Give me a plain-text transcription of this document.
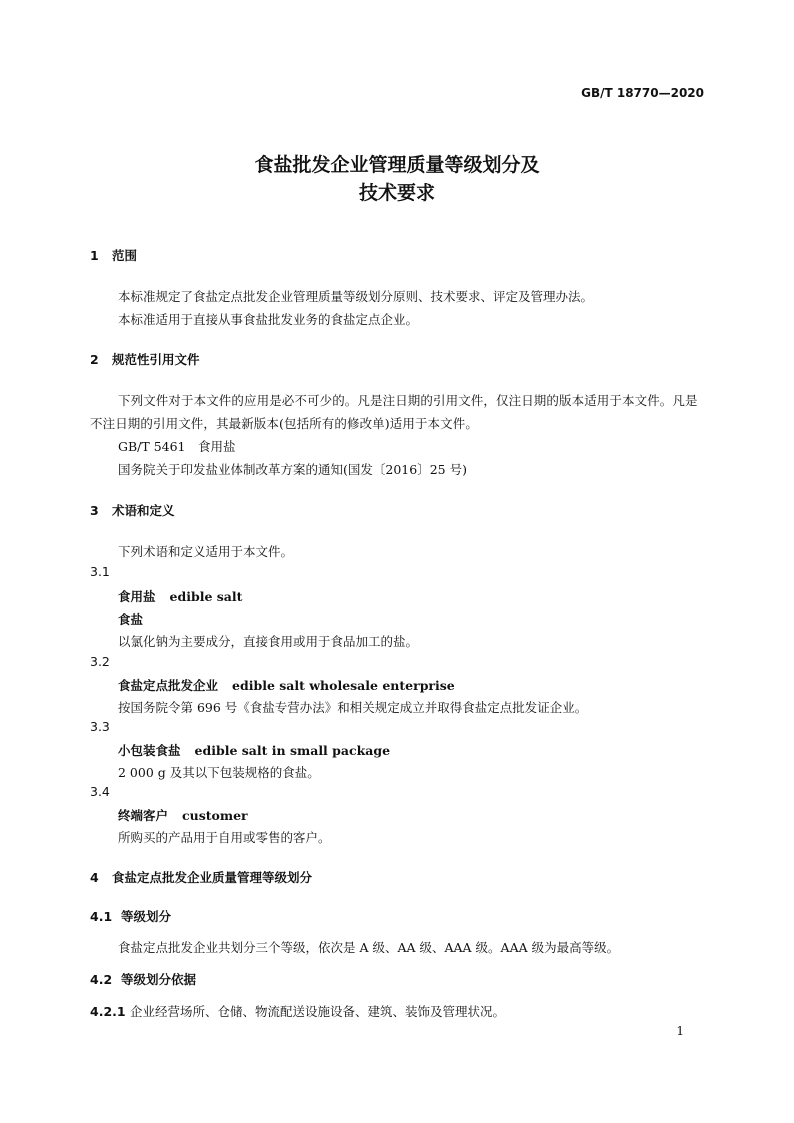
GB/T 18770—2020
食盐批发企业管理质量等级划分及
技术要求
1 范围
本标准规定了食盐定点批发企业管理质量等级划分原则、技术要求、评定及管理办法。
本标准适用于直接从事食盐批发业务的食盐定点企业。
2 规范性引用文件
下列文件对于本文件的应用是必不可少的。凡是注日期的引用文件，仅注日期的版本适用于本文件。凡是不注日期的引用文件，其最新版本(包括所有的修改单)适用于本文件。
GB/T 5461　食用盐
国务院关于印发盐业体制改革方案的通知(国发〔2016〕25 号)
3 术语和定义
下列术语和定义适用于本文件。
3.1
食用盐 edible salt
食盐
以氯化钠为主要成分，直接食用或用于食品加工的盐。
3.2
食盐定点批发企业 edible salt wholesale enterprise
按国务院令第 696 号《食盐专营办法》和相关规定成立并取得食盐定点批发证企业。
3.3
小包装食盐 edible salt in small package
2 000 g 及其以下包装规格的食盐。
3.4
终端客户 customer
所购买的产品用于自用或零售的客户。
4 食盐定点批发企业质量管理等级划分
4.1 等级划分
食盐定点批发企业共划分三个等级，依次是 A 级、AA 级、AAA 级。AAA 级为最高等级。
4.2 等级划分依据
4.2.1 企业经营场所、仓储、物流配送设施设备、建筑、装饰及管理状况。
1
